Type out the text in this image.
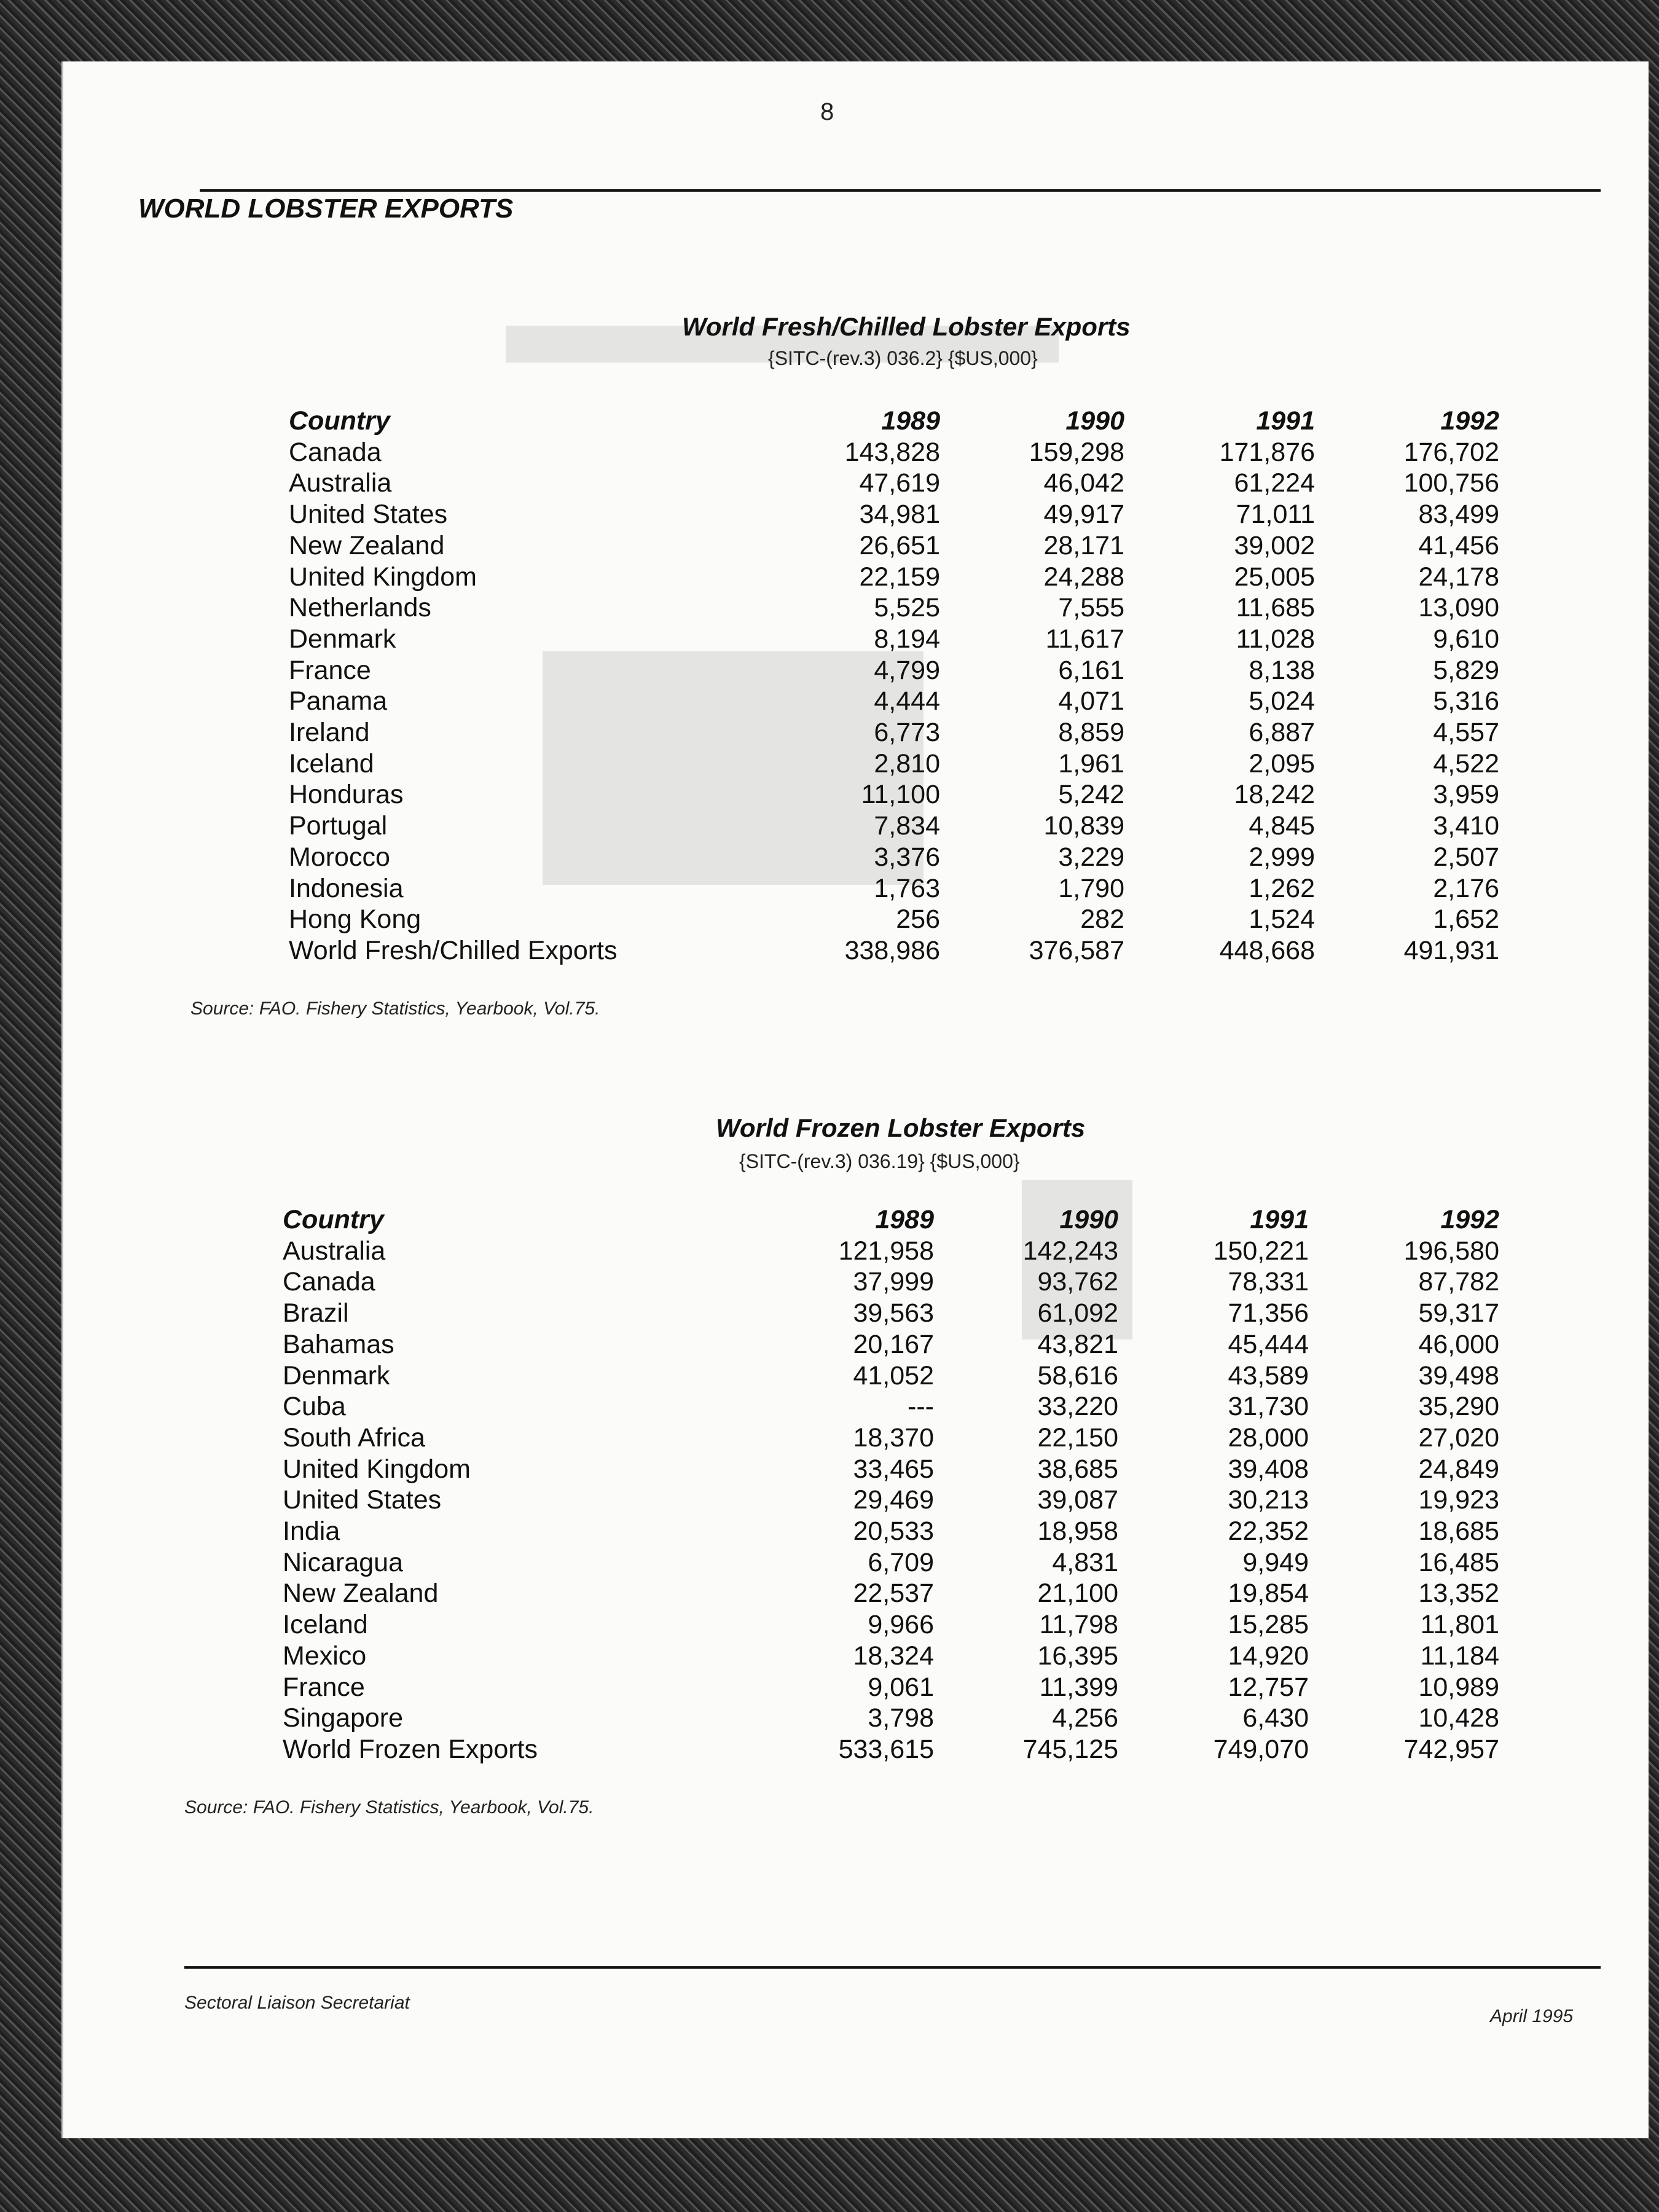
8
WORLD LOBSTER EXPORTS
World Fresh/Chilled Lobster Exports
{SITC-(rev.3) 036.2} {$US,000}
Country	1989	1990	1991	1992
Canada	143,828	159,298	171,876	176,702
Australia	47,619	46,042	61,224	100,756
United States	34,981	49,917	71,011	83,499
New Zealand	26,651	28,171	39,002	41,456
United Kingdom	22,159	24,288	25,005	24,178
Netherlands	5,525	7,555	11,685	13,090
Denmark	8,194	11,617	11,028	9,610
France	4,799	6,161	8,138	5,829
Panama	4,444	4,071	5,024	5,316
Ireland	6,773	8,859	6,887	4,557
Iceland	2,810	1,961	2,095	4,522
Honduras	11,100	5,242	18,242	3,959
Portugal	7,834	10,839	4,845	3,410
Morocco	3,376	3,229	2,999	2,507
Indonesia	1,763	1,790	1,262	2,176
Hong Kong	256	282	1,524	1,652
World Fresh/Chilled Exports	338,986	376,587	448,668	491,931
Source: FAO. Fishery Statistics, Yearbook, Vol.75.
World Frozen Lobster Exports
{SITC-(rev.3) 036.19} {$US,000}
Country	1989	1990	1991	1992
Australia	121,958	142,243	150,221	196,580
Canada	37,999	93,762	78,331	87,782
Brazil	39,563	61,092	71,356	59,317
Bahamas	20,167	43,821	45,444	46,000
Denmark	41,052	58,616	43,589	39,498
Cuba	---	33,220	31,730	35,290
South Africa	18,370	22,150	28,000	27,020
United Kingdom	33,465	38,685	39,408	24,849
United States	29,469	39,087	30,213	19,923
India	20,533	18,958	22,352	18,685
Nicaragua	6,709	4,831	9,949	16,485
New Zealand	22,537	21,100	19,854	13,352
Iceland	9,966	11,798	15,285	11,801
Mexico	18,324	16,395	14,920	11,184
France	9,061	11,399	12,757	10,989
Singapore	3,798	4,256	6,430	10,428
World Frozen Exports	533,615	745,125	749,070	742,957
Source: FAO. Fishery Statistics, Yearbook, Vol.75.
Sectoral Liaison Secretariat
April 1995
